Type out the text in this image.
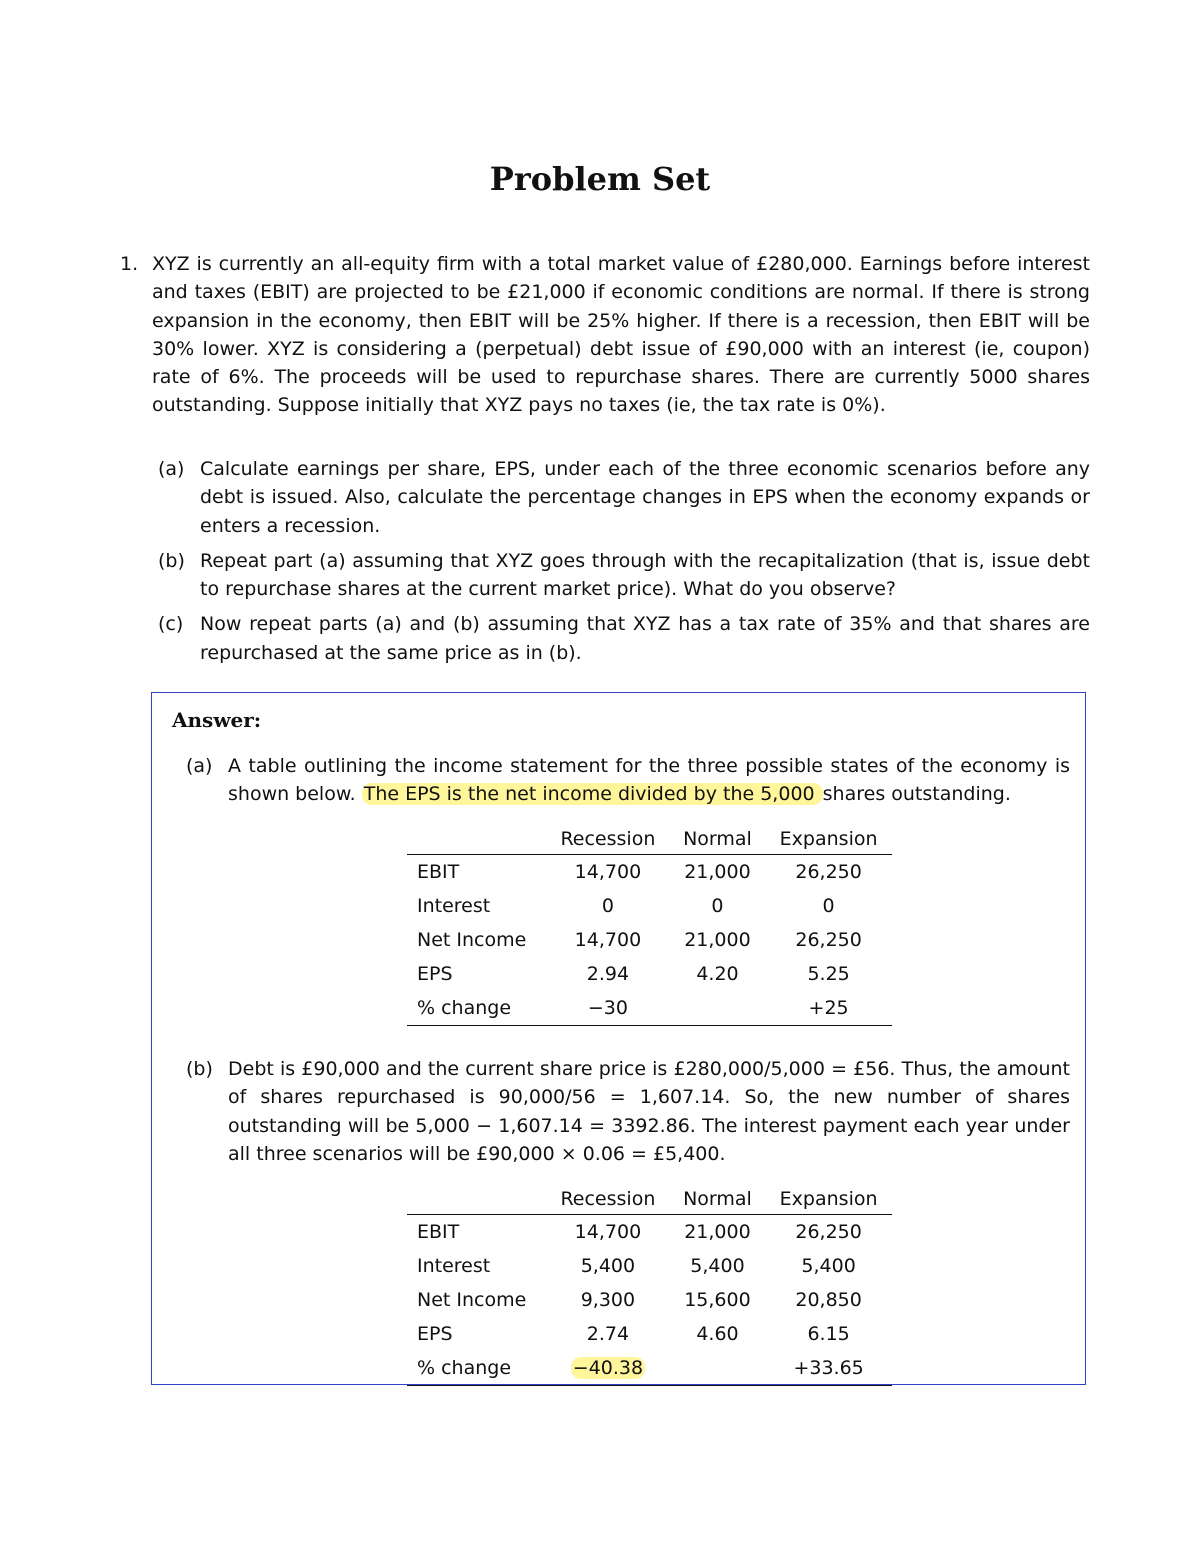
Problem Set
1. XYZ is currently an all-equity firm with a total market value of £280,000. Earnings before interest and taxes (EBIT) are projected to be £21,000 if economic conditions are normal. If there is strong expansion in the economy, then EBIT will be 25% higher. If there is a recession, then EBIT will be 30% lower. XYZ is considering a (perpetual) debt issue of £90,000 with an interest (ie, coupon) rate of 6%. The proceeds will be used to repurchase shares. There are currently 5000 shares outstanding. Suppose initially that XYZ pays no taxes (ie, the tax rate is 0%).
(a) Calculate earnings per share, EPS, under each of the three economic scenarios before any debt is issued. Also, calculate the percentage changes in EPS when the economy expands or enters a recession.
(b) Repeat part (a) assuming that XYZ goes through with the recapitalization (that is, issue debt to repurchase shares at the current market price). What do you observe?
(c) Now repeat parts (a) and (b) assuming that XYZ has a tax rate of 35% and that shares are repurchased at the same price as in (b).
Answer:
(a) A table outlining the income statement for the three possible states of the economy is shown below. The EPS is the net income divided by the 5,000 shares outstanding.
	Recession	Normal	Expansion
EBIT	14,700	21,000	26,250
Interest	0	0	0
Net Income	14,700	21,000	26,250
EPS	2.94	4.20	5.25
% change	−30		+25
(b) Debt is £90,000 and the current share price is £280,000/5,000 = £56. Thus, the amount of shares repurchased is 90,000/56 = 1,607.14. So, the new number of shares outstanding will be 5,000 − 1,607.14 = 3392.86. The interest payment each year under all three scenarios will be £90,000 × 0.06 = £5,400.
	Recession	Normal	Expansion
EBIT	14,700	21,000	26,250
Interest	5,400	5,400	5,400
Net Income	9,300	15,600	20,850
EPS	2.74	4.60	6.15
% change	−40.38		+33.65
